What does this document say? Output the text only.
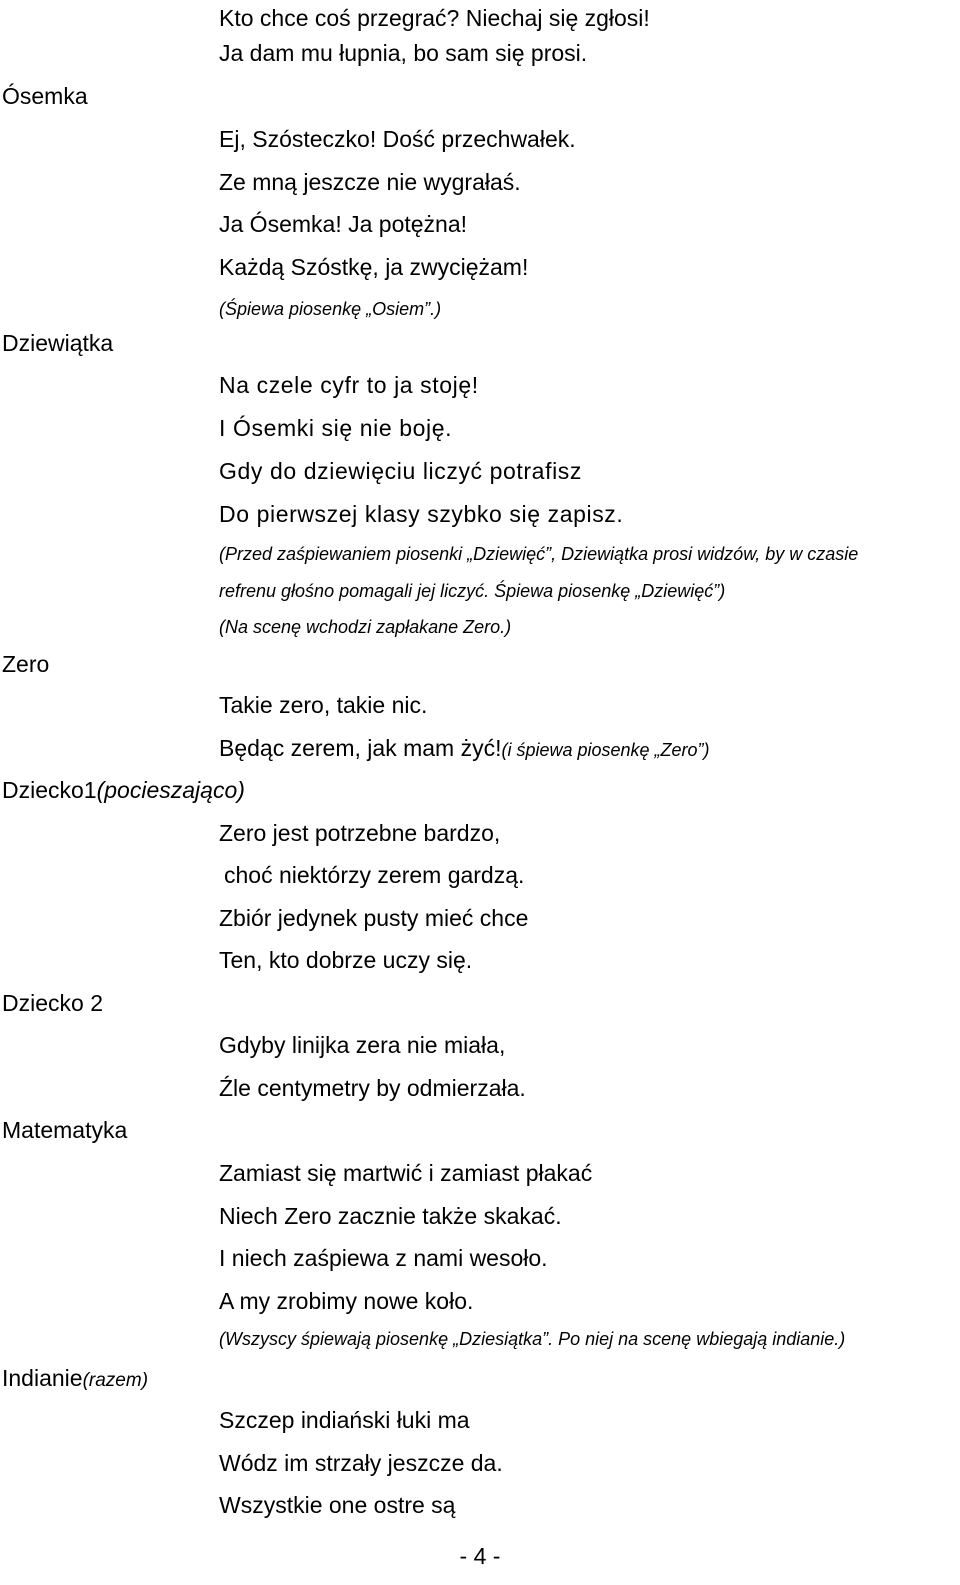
Ósemka
Dziewiątka
Zero
Dziecko1(pocieszająco)
Dziecko 2
Matematyka
Indianie(razem)
Kto chce coś przegrać? Niechaj się zgłosi!
Ja dam mu łupnia, bo sam się prosi.
Ej, Szósteczko! Dość przechwałek.
Ze mną jeszcze nie wygrałaś.
Ja Ósemka! Ja potężna!
Każdą Szóstkę, ja zwyciężam!
(Śpiewa piosenkę „Osiem”.)
Na czele cyfr to ja stoję!
I Ósemki się nie boję.
Gdy do dziewięciu liczyć potrafisz
Do pierwszej klasy szybko się zapisz.
(Przed zaśpiewaniem piosenki „Dziewięć”, Dziewiątka prosi widzów, by w czasie
refrenu głośno pomagali jej liczyć. Śpiewa piosenkę „Dziewięć”)
(Na scenę wchodzi zapłakane Zero.)
Takie zero, takie nic.
Będąc zerem, jak mam żyć!(i śpiewa piosenkę „Zero”)
Zero jest potrzebne bardzo,
choć niektórzy zerem gardzą.
Zbiór jedynek pusty mieć chce
Ten, kto dobrze uczy się.
Gdyby linijka zera nie miała,
Źle centymetry by odmierzała.
Zamiast się martwić i zamiast płakać
Niech Zero zacznie także skakać.
I niech zaśpiewa z nami wesoło.
A my zrobimy nowe koło.
(Wszyscy śpiewają piosenkę „Dziesiątka”. Po niej na scenę wbiegają indianie.)
Szczep indiański łuki ma
Wódz im strzały jeszcze da.
Wszystkie one ostre są
- 4 -
